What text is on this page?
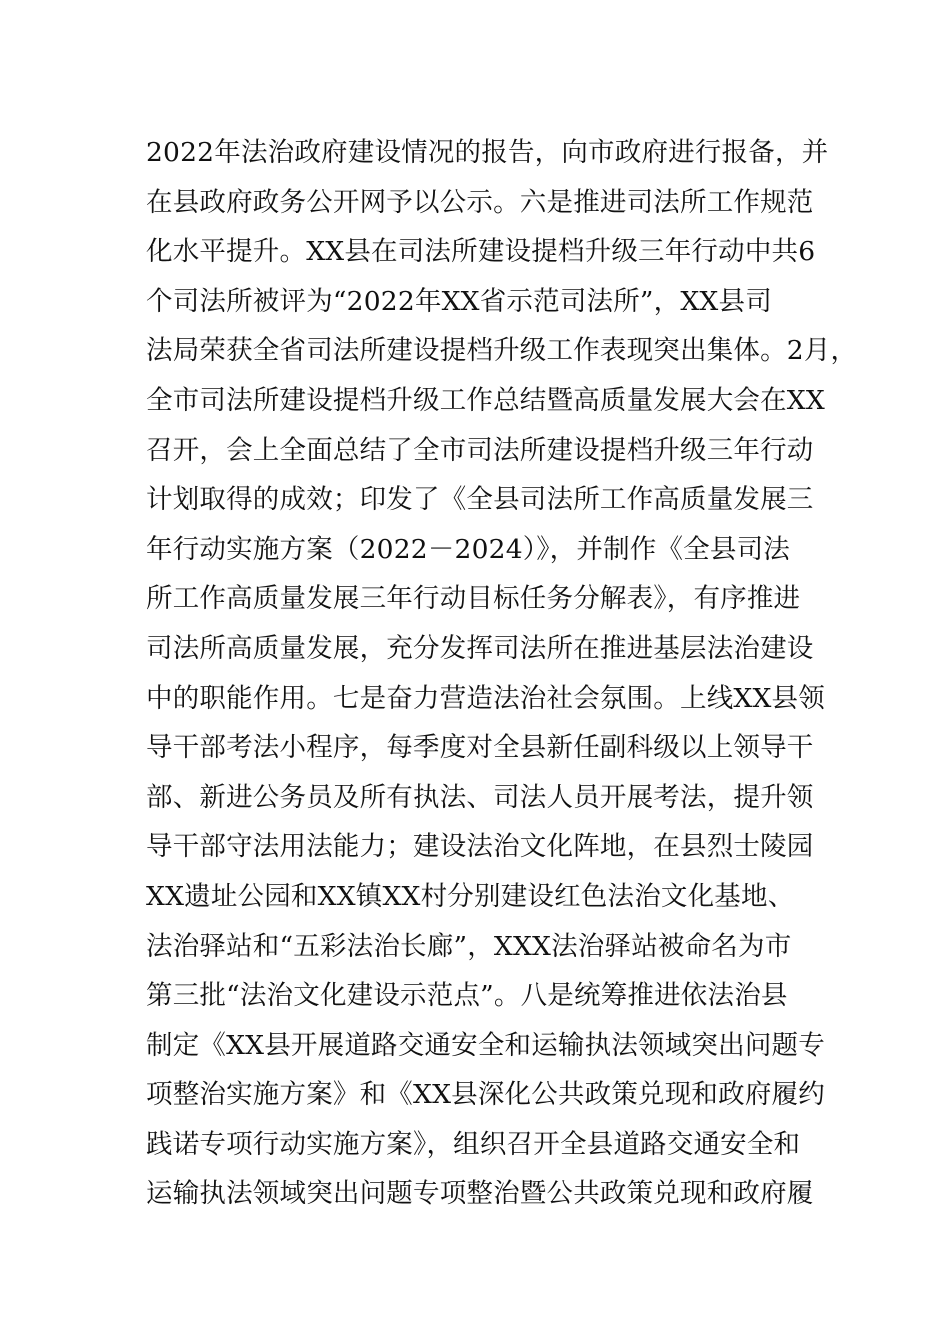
2022年法治政府建设情况的报告，向市政府进行报备，并
在县政府政务公开网予以公示。六是推进司法所工作规范
化水平提升。XX县在司法所建设提档升级三年行动中共6
个司法所被评为“2022年XX省示范司法所”，XX县司
法局荣获全省司法所建设提档升级工作表现突出集体。2月，
全市司法所建设提档升级工作总结暨高质量发展大会在XX
召开，会上全面总结了全市司法所建设提档升级三年行动
计划取得的成效；印发了《全县司法所工作高质量发展三
年行动实施方案（2022－2024）》，并制作《全县司法
所工作高质量发展三年行动目标任务分解表》，有序推进
司法所高质量发展，充分发挥司法所在推进基层法治建设
中的职能作用。七是奋力营造法治社会氛围。上线XX县领
导干部考法小程序，每季度对全县新任副科级以上领导干
部、新进公务员及所有执法、司法人员开展考法，提升领
导干部守法用法能力；建设法治文化阵地，在县烈士陵园
XX遗址公园和XX镇XX村分别建设红色法治文化基地、
法治驿站和“五彩法治长廊”，XXX法治驿站被命名为市
第三批“法治文化建设示范点”。八是统筹推进依法治县
制定《XX县开展道路交通安全和运输执法领域突出问题专
项整治实施方案》和《XX县深化公共政策兑现和政府履约
践诺专项行动实施方案》，组织召开全县道路交通安全和
运输执法领域突出问题专项整治暨公共政策兑现和政府履
